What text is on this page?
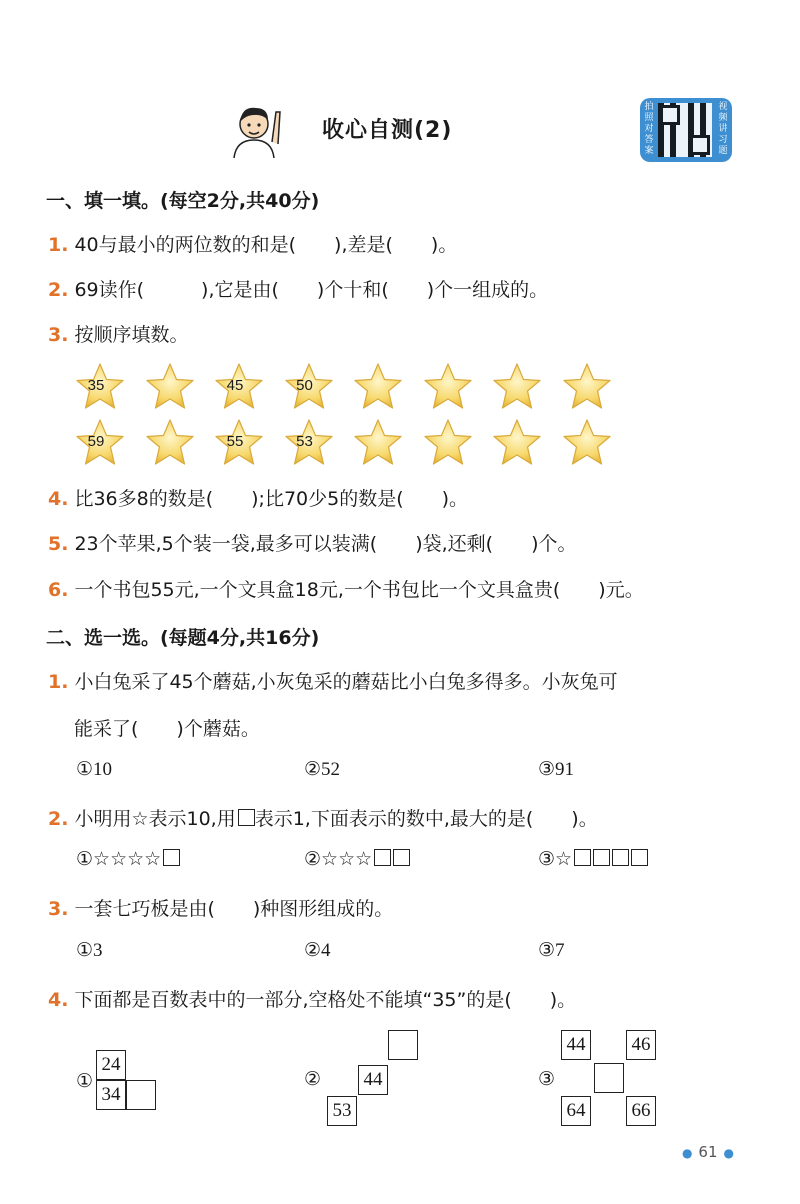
收心自测(2)
拍照对答案
视频讲习题
一、填一填。(每空2分,共40分)
1. 40与最小的两位数的和是(　　),差是(　　)。
2. 69读作(　　　),它是由(　　)个十和(　　)个一组成的。
3. 按顺序填数。
35	45	50
59	55	53
4. 比36多8的数是(　　);比70少5的数是(　　)。
5. 23个苹果,5个装一袋,最多可以装满(　　)袋,还剩(　　)个。
6. 一个书包55元,一个文具盒18元,一个书包比一个文具盒贵(　　)元。
二、选一选。(每题4分,共16分)
1. 小白兔采了45个蘑菇,小灰兔采的蘑菇比小白兔多得多。小灰兔可
能采了(　　)个蘑菇。
①10	②52	③91
2. 小明用☆表示10,用 表示1,下面表示的数中,最大的是(　　)。
①☆☆☆☆	②☆☆☆	③☆
3. 一套七巧板是由(　　)种图形组成的。
①3	②4	③7
4. 下面都是百数表中的一部分,空格处不能填“35”的是(　　)。
①
24
34
② 44
53
③
44 46
64 66
● 61 ●
